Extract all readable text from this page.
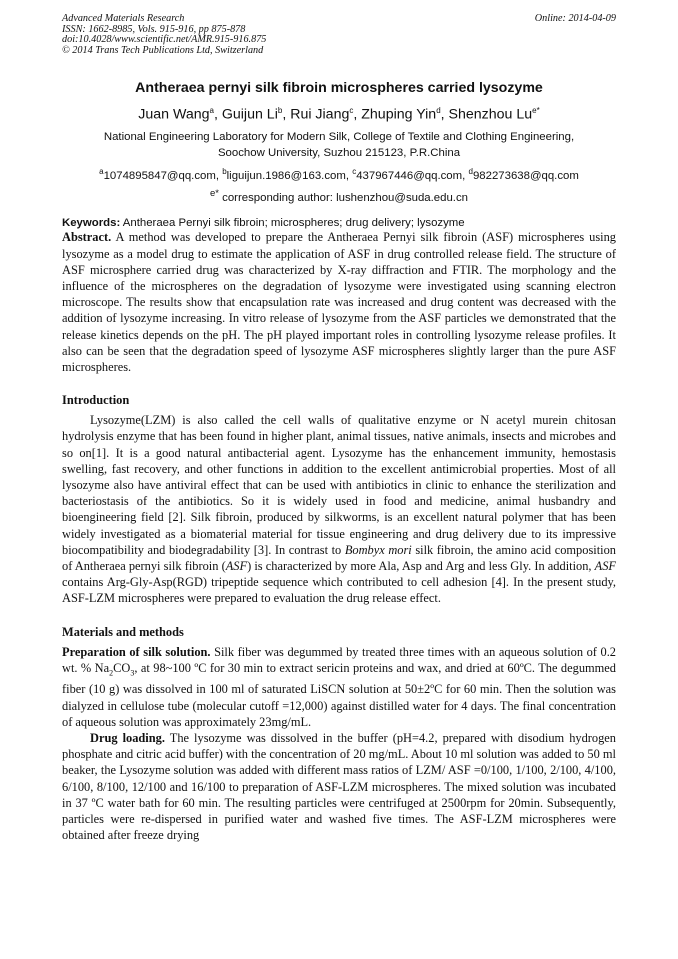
Advanced Materials Research
ISSN: 1662-8985, Vols. 915-916, pp 875-878
doi:10.4028/www.scientific.net/AMR.915-916.875
© 2014 Trans Tech Publications Ltd, Switzerland
Online: 2014-04-09
Antheraea pernyi silk fibroin microspheres carried lysozyme
Juan Wang$^a$, Guijun Li$^b$, Rui Jiang$^c$, Zhuping Yin$^d$, Shenzhou $Lu^{e*}$
National Engineering Laboratory for Modern Silk, College of Textile and Clothing Engineering,
Soochow University, Suzhou 215123, P.R.China
$^a$1074895847@qq.com, $^b$liguijun.1986@163.com, $^c$437967446@qq.com, $^d$982273638@qq.com
$^{e*}$ corresponding author: lushenzhou@suda.edu.cn
Keywords: Antheraea Pernyi silk fibroin; microspheres; drug delivery; lysozyme

Abstract. A method was developed to prepare the Antheraea Pernyi silk fibroin (ASF) microspheres using lysozyme as a model drug to estimate the application of ASF in drug controlled release field. The structure of ASF microsphere carried drug was characterized by X-ray diffraction and FTIR. The morphology and the influence of the microspheres on the degradation of lysozyme were investigated using scanning electron microscope. The results show that encapsulation rate was increased and drug content was decreased with the addition of lysozyme increasing. In vitro release of lysozyme from the ASF particles we demonstrated that the release kinetics depends on the pH. The pH played important roles in controlling lysozyme release profiles. It also can be seen that the degradation speed of lysozyme ASF microspheres slightly larger than the pure ASF microspheres.

Introduction

Lysozyme(LZM) is also called the cell walls of qualitative enzyme or N acetyl murein chitosan hydrolysis enzyme that has been found in higher plant, animal tissues, native animals, insects and microbes and so on[1]. It is a good natural antibacterial agent. Lysozyme has the enhancement immunity, hemostasis swelling, fast recovery, and other functions in addition to the excellent antimicrobial properties. Most of all lysozyme also have antiviral effect that can be used with antibiotics in clinic to enhance the sterilization and bacteriostasis of the antibiotics. So it is widely used in food and medicine, animal husbandry and bioengineering field [2]. Silk fibroin, produced by silkworms, is an excellent natural polymer that has been widely investigated as a biomaterial material for tissue engineering and drug delivery due to its impressive biocompatibility and biodegradability [3]. In contrast to Bombyx mori silk fibroin, the amino acid composition of Antheraea pernyi silk fibroin (ASF) is characterized by more Ala, Asp and Arg and less Gly. In addition, ASF contains Arg-Gly-Asp(RGD) tripeptide sequence which contributed to cell adhesion [4]. In the present study, ASF-LZM microspheres were prepared to evaluation the drug release effect.

Materials and methods

Preparation of silk solution. Silk fiber was degummed by treated three times with an aqueous solution of 0.2 wt. % $Na_2CO_3$, at 98~100 ºC for 30 min to extract sericin proteins and wax, and dried at 60ºC. The degummed fiber (10 g) was dissolved in 100 ml of saturated LiSCN solution at 50±2ºC for 60 min. Then the solution was dialyzed in cellulose tube (molecular cutoff =12,000) against distilled water for 4 days. The final concentration of aqueous solution was approximately 23mg/mL.

Drug loading. The lysozyme was dissolved in the buffer (pH=4.2, prepared with disodium hydrogen phosphate and citric acid buffer) with the concentration of 20 mg/mL. About 10 ml solution was added to 50 ml beaker, the Lysozyme solution was added with different mass ratios of LZM/ ASF =0/100, 1/100, 2/100, 4/100, 6/100, 8/100, 12/100 and 16/100 to preparation of ASF-LZM microspheres. The mixed solution was incubated in 37 ºC water bath for 60 min. The resulting particles were centrifuged at 2500rpm for 20min. Subsequently, particles were re-dispersed in purified water and washed five times. The ASF-LZM microspheres were obtained after freeze drying
